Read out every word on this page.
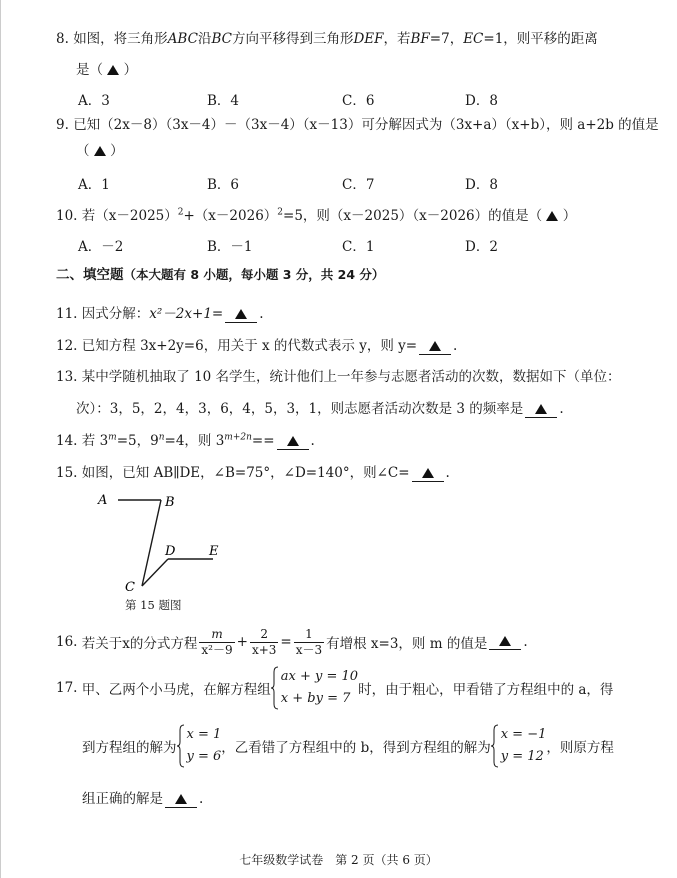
8. 如图，将三角形ABC沿BC方向平移得到三角形DEF，若BF=7，EC=1，则平移的距离
是（ ）
A．3	B．4	C．6	D．8
9. 已知（2x－8）（3x－4）－（3x－4）（x－13）可分解因式为（3x+a）（x+b），则 a+2b 的值是
（ ）
A．1	B．6	C．7	D．8
10. 若$(x-2025)^2+(x-2026)^2=5$，则（x－2025）（x－2026）的值是（ ）
A．－2	B．－1	C．1	D．2
二、填空题（本大题有 8 小题，每小题 3 分，共 24 分）
11. 因式分解：x²－2x+1=	.
12. 已知方程 3x+2y=6，用关于 x 的代数式表示 y，则 y=	.
13. 某中学随机抽取了 10 名学生，统计他们上一年参与志愿者活动的次数，数据如下（单位：
次）：3，5，2，4，3，6，4，5，3，1，则志愿者活动次数是 3 的频率是	.
14. 若 $3^m=5$，$9^n=4$，则 $3^{m+2n}==$	.
15. 如图，已知 AB∥DE，∠B=75°，∠D=140°，则∠C=	.
A	B
D	E
C
第 15 题图
16.
若关于x的分式方程 $\frac{m}{\text{x²－9}} + \frac{2}{x+3} = \frac{1}{x-3}$ 有增根 x=3，则 m 的值是	.
17.
甲、乙两个小马虎，在解方程组
ax + y = 10
x + by = 7
时，由于粗心，甲看错了方程组中的 a，得
到方程组的解为
x = 1
y = 6
，乙看错了方程组中的 b，得到方程组的解为
x = −1
y = 12
，则原方程
组正确的解是	.
七年级数学试卷　第 2 页（共 6 页）
